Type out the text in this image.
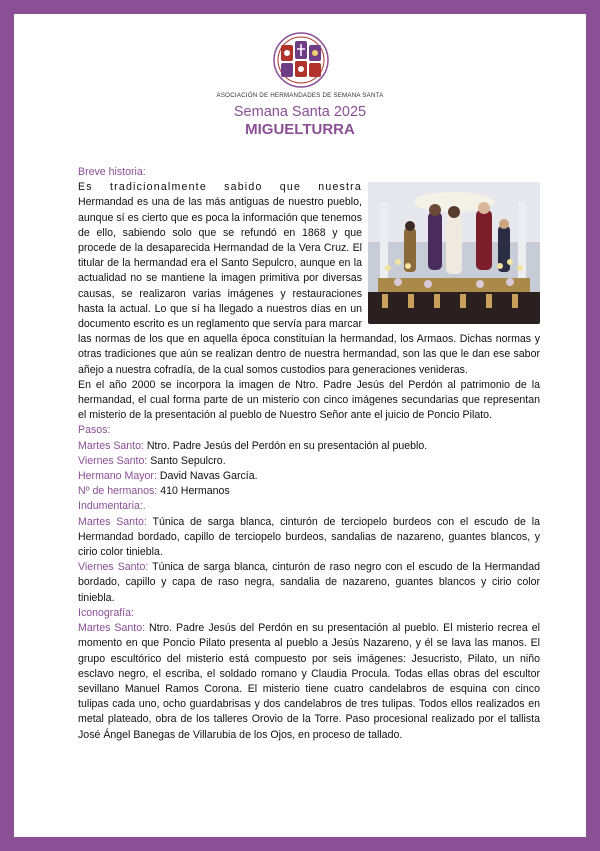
ASOCIACIÓN DE HERMANDADES DE SEMANA SANTA
Semana Santa 2025
MIGUELTURRA

Breve historia:

Es tradicionalmente sabido que nuestra Hermandad es una de las más antiguas de nuestro pueblo, aunque sí es cierto que es poca la información que tenemos de ello, sabiendo solo que se refundó en 1868 y que procede de la desaparecida Hermandad de la Vera Cruz. El titular de la hermandad era el Santo Sepulcro, aunque en la actualidad no se mantiene la imagen primitiva por diversas causas, se realizaron varias imágenes y restauraciones hasta la actual. Lo que sí ha llegado a nuestros días en un documento escrito es un reglamento que servía para marcar las normas de los que en aquella época constituían la hermandad, los Armaos. Dichas normas y otras tradiciones que aún se realizan dentro de nuestra hermandad, son las que le dan ese sabor añejo a nuestra cofradía, de la cual somos custodios para generaciones venideras.

En el año 2000 se incorpora la imagen de Ntro. Padre Jesús del Perdón al patrimonio de la hermandad, el cual forma parte de un misterio con cinco imágenes secundarias que representan el misterio de la presentación al pueblo de Nuestro Señor ante el juicio de Poncio Pilato.

Pasos:

Martes Santo: Ntro. Padre Jesús del Perdón en su presentación al pueblo.

Viernes Santo: Santo Sepulcro.

Hermano Mayor: David Navas García.

Nº de hermanos: 410 Hermanos

Indumentaria:.

Martes Santo: Túnica de sarga blanca, cinturón de terciopelo burdeos con el escudo de la Hermandad bordado, capillo de terciopelo burdeos, sandalias de nazareno, guantes blancos, y cirio color tiniebla.

Viernes Santo: Túnica de sarga blanca, cinturón de raso negro con el escudo de la Hermandad bordado, capillo y capa de raso negra, sandalia de nazareno, guantes blancos y cirio color tiniebla.

Iconografía:

Martes Santo: Ntro. Padre Jesús del Perdón en su presentación al pueblo. El misterio recrea el momento en que Poncio Pilato presenta al pueblo a Jesús Nazareno, y él se lava las manos. El grupo escultórico del misterio está compuesto por seis imágenes: Jesucristo, Pilato, un niño esclavo negro, el escriba, el soldado romano y Claudia Procula. Todas ellas obras del escultor sevillano Manuel Ramos Corona. El misterio tiene cuatro candelabros de esquina con cinco tulipas cada uno, ocho guardabrisas y dos candelabros de tres tulipas. Todos ellos realizados en metal plateado, obra de los talleres Orovio de la Torre. Paso procesional realizado por el tallista José Ángel Banegas de Villarubia de los Ojos, en proceso de tallado.
